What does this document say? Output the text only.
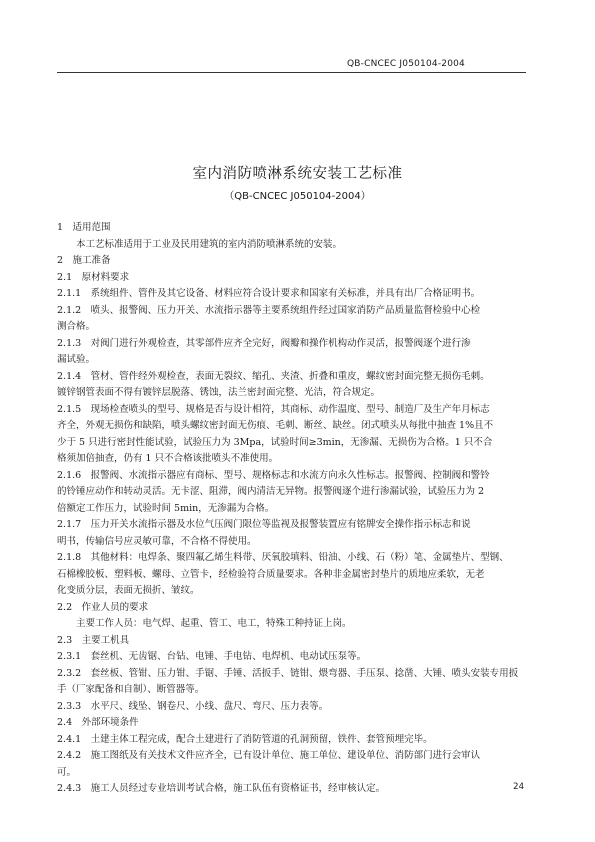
QB-CNCEC J050104-2004
室内消防喷淋系统安装工艺标准
（QB-CNCEC J050104-2004）
1　适用范围
本工艺标准适用于工业及民用建筑的室内消防喷淋系统的安装。
2　施工准备
2.1　原材料要求
2.1.1　系统组件、管件及其它设备、材料应符合设计要求和国家有关标准，并具有出厂合格证明书。
2.1.2　喷头、报警阀、压力开关、水流指示器等主要系统组件经过国家消防产品质量监督检验中心检
测合格。
2.1.3　对阀门进行外观检查，其零部件应齐全完好，阀瓣和操作机构动作灵活，报警阀逐个进行渗
漏试验。
2.1.4　管材、管件经外观检查，表面无裂纹、缩孔、夹渣、折叠和重皮，螺纹密封面完整无损伤毛刺。
镀锌钢管表面不得有镀锌层脱落、锈蚀，法兰密封面完整、光洁，符合规定。
2.1.5　现场检查喷头的型号、规格是否与设计相符，其商标、动作温度、型号、制造厂及生产年月标志
齐全，外观无损伤和缺陷，喷头螺纹密封面无伤痕、毛刺、断丝、缺丝。闭式喷头从每批中抽查 1%且不
少于 5 只进行密封性能试验，试验压力为 3Mpa，试验时间≥3min，无渗漏、无损伤为合格。1 只不合
格须加倍抽查，仍有 1 只不合格该批喷头不准使用。
2.1.6　报警阀、水流指示器应有商标、型号、规格标志和水流方向永久性标志。报警阀、控制阀和警铃
的铃锤应动作和转动灵活。无卡涩、阻滞，阀内清洁无异物。报警阀逐个进行渗漏试验，试验压力为 2
倍额定工作压力，试验时间 5min，无渗漏为合格。
2.1.7　压力开关水流指示器及水位气压阀门限位等监视及报警装置应有铭牌安全操作指示标志和说
明书，传输信号应灵敏可靠，不合格不得使用。
2.1.8　其他材料：电焊条、聚四氟乙烯生料带、厌氧胶填料、铅油、小线、石（粉）笔、金属垫片、型钢、
石棉橡胶板、塑料板、螺母、立管卡，经检验符合质量要求。各种非金属密封垫片的质地应柔软，无老
化变质分层，表面无损折、皱纹。
2.2　作业人员的要求
主要工作人员：电气焊、起重、管工、电工，特殊工种持证上岗。
2.3　主要工机具
2.3.1　套丝机、无齿锯、台钻、电锤、手电钻、电焊机、电动试压泵等。
2.3.2　套丝板、管钳、压力钳、手锯、手锤、活扳手、链钳、煨弯器、手压泵、捻凿、大锤、喷头安装专用扳
手（厂家配备和自制）、断管器等。
2.3.3　水平尺、线坠、钢卷尺、小线、盘尺、弯尺、压力表等。
2.4　外部环境条件
2.4.1　土建主体工程完成，配合土建进行了消防管道的孔洞预留，铁件、套管预埋完毕。
2.4.2　施工图纸及有关技术文件应齐全，已有设计单位、施工单位、建设单位、消防部门进行会审认
可。
2.4.3　施工人员经过专业培训考试合格，施工队伍有资格证书，经审核认定。	24
